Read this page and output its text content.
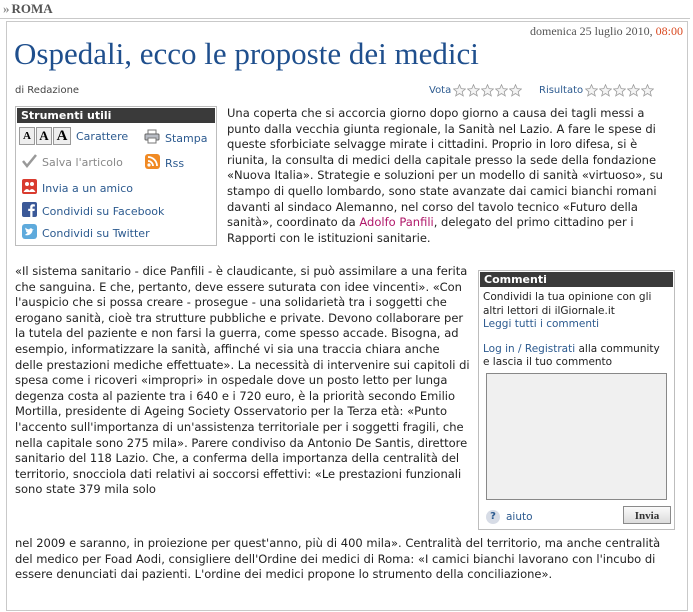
» ROMA
domenica 25 luglio 2010, 08:00
Ospedali, ecco le proposte dei medici
di Redazione	Vota	Risultato
Strumenti utili
A A A Carattere	Stampa
Salva l'articolo	Rss
Invia a un amico
Condividi su Facebook
Condividi su Twitter

Una coperta che si accorcia giorno dopo giorno a causa dei tagli messi a punto dalla vecchia giunta regionale, la Sanità nel Lazio. A fare le spese di queste sforbiciate selvagge mirate i cittadini. Proprio in loro difesa, si è riunita, la consulta di medici della capitale presso la sede della fondazione «Nuova Italia». Strategie e soluzioni per un modello di sanità «virtuoso», su stampo di quello lombardo, sono state avanzate dai camici bianchi romani davanti al sindaco Alemanno, nel corso del tavolo tecnico «Futuro della sanità», coordinato da Adolfo Panfili, delegato del primo cittadino per i Rapporti con le istituzioni sanitarie.

«Il sistema sanitario - dice Panfili - è claudicante, si può assimilare a una ferita che sanguina. E che, pertanto, deve essere suturata con idee vincenti». «Con l'auspicio che si possa creare - prosegue - una solidarietà tra i soggetti che erogano sanità, cioè tra strutture pubbliche e private. Devono collaborare per la tutela del paziente e non farsi la guerra, come spesso accade. Bisogna, ad esempio, informatizzare la sanità, affinché vi sia una traccia chiara anche delle prestazioni mediche effettuate». La necessità di intervenire sui capitoli di spesa come i ricoveri «impropri» in ospedale dove un posto letto per lunga degenza costa al paziente tra i 640 e i 720 euro, è la priorità secondo Emilio Mortilla, presidente di Ageing Society Osservatorio per la Terza età: «Punto l'accento sull'importanza di un'assistenza territoriale per i soggetti fragili, che nella capitale sono 275 mila». Parere condiviso da Antonio De Santis, direttore sanitario del 118 Lazio. Che, a conferma della importanza della centralità del territorio, snocciola dati relativi ai soccorsi effettivi: «Le prestazioni funzionali sono state 379 mila solo

nel 2009 e saranno, in proiezione per quest'anno, più di 400 mila». Centralità del territorio, ma anche centralità del medico per Foad Aodi, consigliere dell'Ordine dei medici di Roma: «I camici bianchi lavorano con l'incubo di essere denunciati dai pazienti. L'ordine dei medici propone lo strumento della conciliazione».

Commenti
Condividi la tua opinione con gli altri lettori di ilGiornale.it
Leggi tutti i commenti
Log in / Registrati alla community e lascia il tuo commento
? aiuto	Invia
